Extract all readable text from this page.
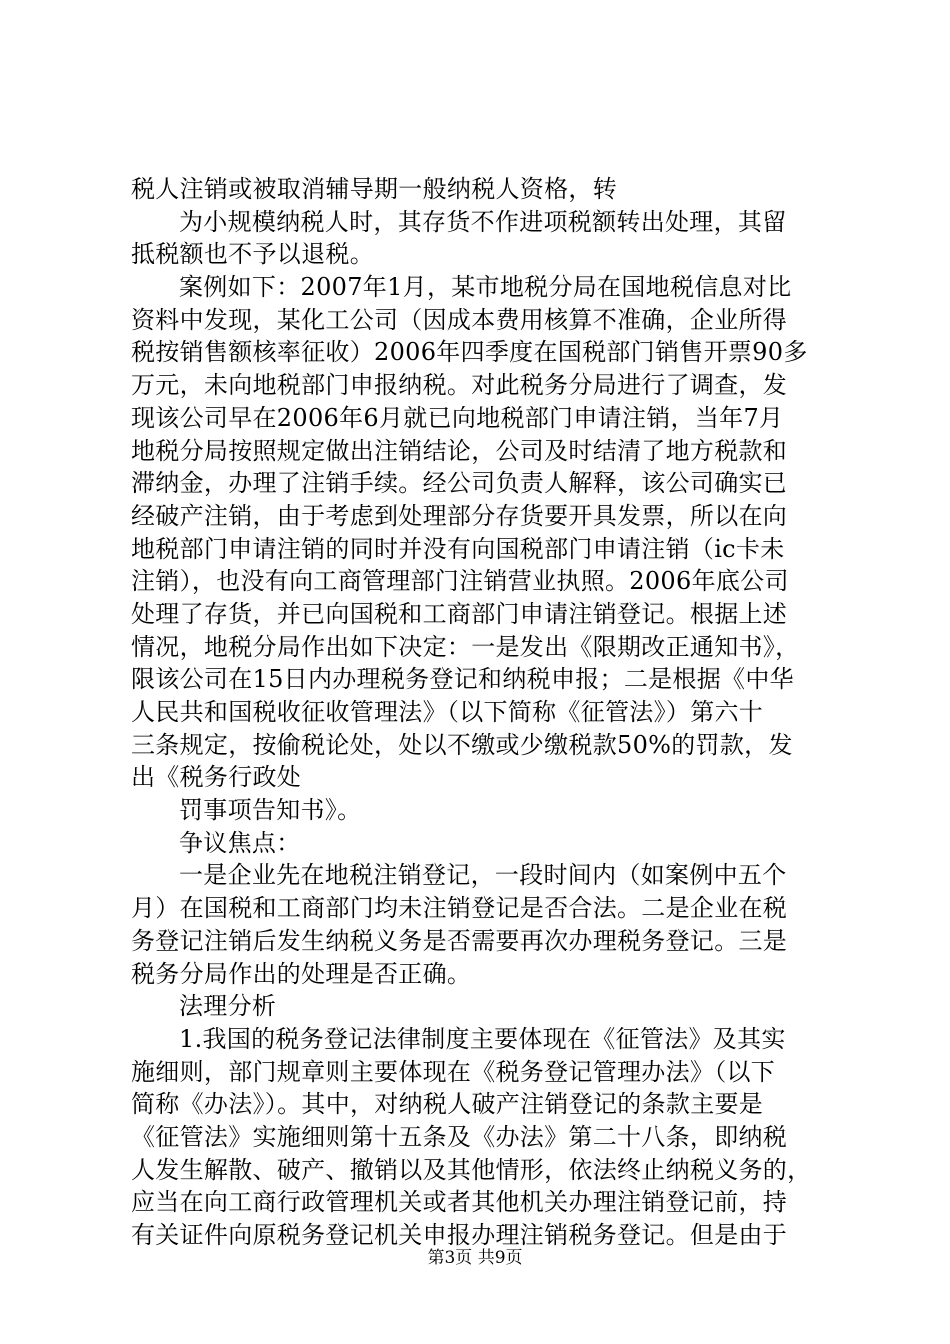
税人注销或被取消辅导期一般纳税人资格，转
为小规模纳税人时，其存货不作进项税额转出处理，其留
抵税额也不予以退税。
案例如下：2007年1月，某市地税分局在国地税信息对比
资料中发现，某化工公司（因成本费用核算不准确，企业所得
税按销售额核率征收）2006年四季度在国税部门销售开票90多
万元，未向地税部门申报纳税。对此税务分局进行了调查，发
现该公司早在2006年6月就已向地税部门申请注销，当年7月
地税分局按照规定做出注销结论，公司及时结清了地方税款和
滞纳金，办理了注销手续。经公司负责人解释，该公司确实已
经破产注销，由于考虑到处理部分存货要开具发票，所以在向
地税部门申请注销的同时并没有向国税部门申请注销（ic卡未
注销），也没有向工商管理部门注销营业执照。2006年底公司
处理了存货，并已向国税和工商部门申请注销登记。根据上述
情况，地税分局作出如下决定：一是发出《限期改正通知书》，
限该公司在15日内办理税务登记和纳税申报；二是根据《中华
人民共和国税收征收管理法》（以下简称《征管法》）第六十
三条规定，按偷税论处，处以不缴或少缴税款50%的罚款，发
出《税务行政处
罚事项告知书》。
争议焦点：
一是企业先在地税注销登记，一段时间内（如案例中五个
月）在国税和工商部门均未注销登记是否合法。二是企业在税
务登记注销后发生纳税义务是否需要再次办理税务登记。三是
税务分局作出的处理是否正确。
法理分析
1.我国的税务登记法律制度主要体现在《征管法》及其实
施细则，部门规章则主要体现在《税务登记管理办法》（以下
简称《办法》）。其中，对纳税人破产注销登记的条款主要是
《征管法》实施细则第十五条及《办法》第二十八条，即纳税
人发生解散、破产、撤销以及其他情形，依法终止纳税义务的，
应当在向工商行政管理机关或者其他机关办理注销登记前，持
有关证件向原税务登记机关申报办理注销税务登记。但是由于
第3页 共9页
